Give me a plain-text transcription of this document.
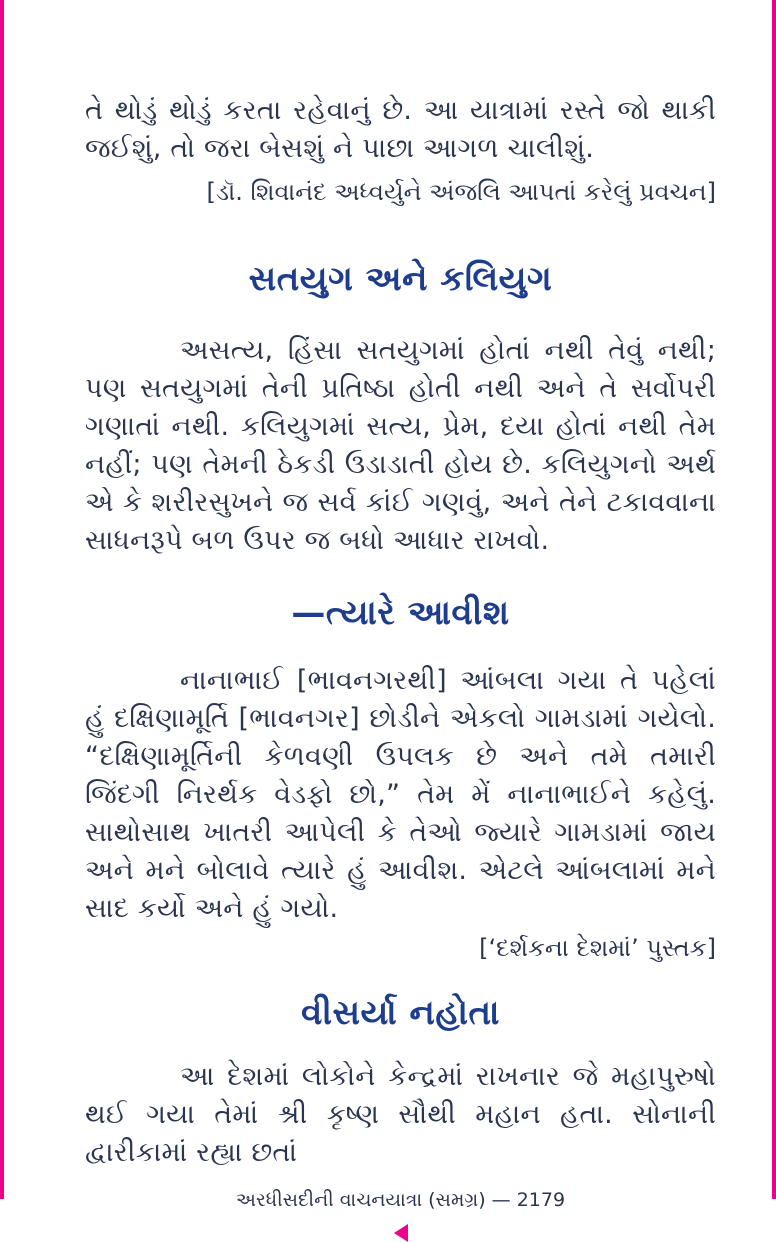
તે થોડું થોડું કરતા રહેવાનું છે. આ યાત્રામાં રસ્તે જો થાકી જઈશું, તો જરા બેસશું ને પાછા આગળ ચાલીશું.

[ડૉ. શિવાનંદ અધ્વર્યુને અંજલિ આપતાં કરેલું પ્રવચન]

સતયુગ અને કલિયુગ

અસત્ય, હિંસા સતયુગમાં હોતાં નથી તેવું નથી; પણ સતયુગમાં તેની પ્રતિષ્ઠા હોતી નથી અને તે સર્વોપરી ગણાતાં નથી. કલિયુગમાં સત્ય, પ્રેમ, દયા હોતાં નથી તેમ નહીં; પણ તેમની ઠેકડી ઉડાડાતી હોય છે. કલિયુગનો અર્થ એ કે શરીરસુખને જ સર્વ કાંઈ ગણવું, અને તેને ટકાવવાના સાધનરૂપે બળ ઉપર જ બધો આધાર રાખવો.

—ત્યારે આવીશ

નાનાભાઈ [ભાવનગરથી] આંબલા ગયા તે પહેલાં હું દક્ષિણામૂર્તિ [ભાવનગર] છોડીને એકલો ગામડામાં ગયેલો. “દક્ષિણામૂર્તિની કેળવણી ઉપલક છે અને તમે તમારી જિંદગી નિરર્થક વેડફો છો,” તેમ મેં નાનાભાઈને કહેલું. સાથોસાથ ખાતરી આપેલી કે તેઓ જ્યારે ગામડામાં જાય અને મને બોલાવે ત્યારે હું આવીશ. એટલે આંબલામાં મને સાદ કર્યો અને હું ગયો.

[‘દર્શકના દેશમાં’ પુસ્તક]

વીસર્યા નહોતા

આ દેશમાં લોકોને કેન્દ્રમાં રાખનાર જે મહાપુરુષો થઈ ગયા તેમાં શ્રી કૃષ્ણ સૌથી મહાન હતા. સોનાની દ્વારીકામાં રહ્યા છતાં

અરધીસદીની વાચનયાત્રા (સમગ્ર) — 2179
